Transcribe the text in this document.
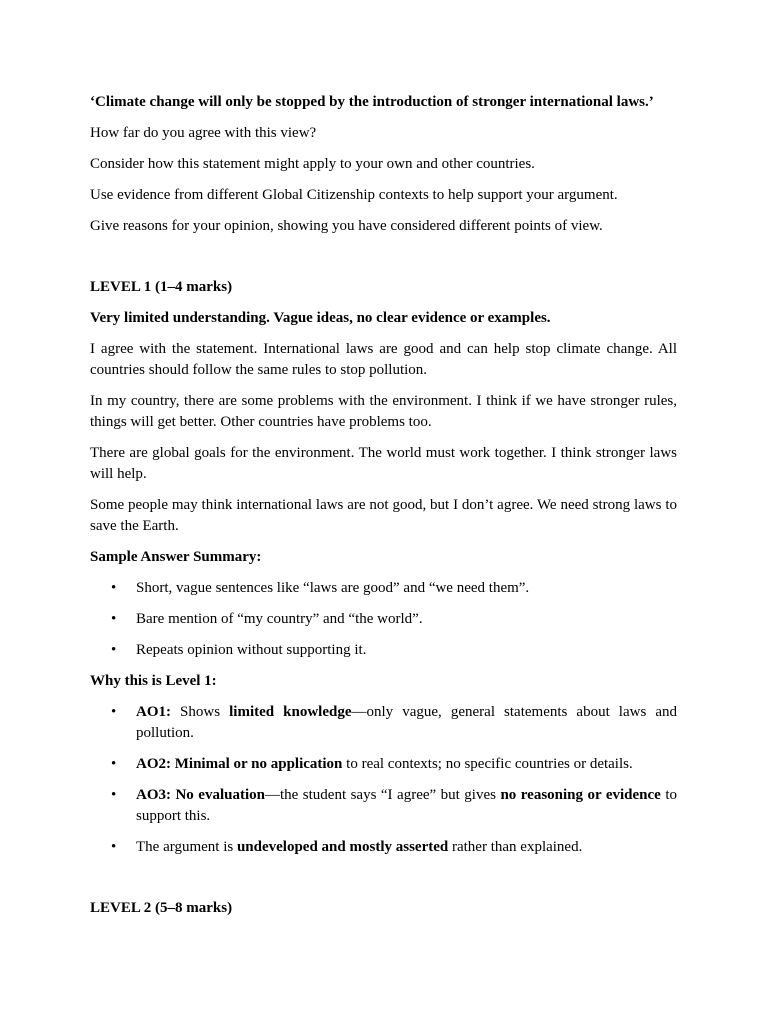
‘Climate change will only be stopped by the introduction of stronger international laws.’

How far do you agree with this view?

Consider how this statement might apply to your own and other countries.

Use evidence from different Global Citizenship contexts to help support your argument.

Give reasons for your opinion, showing you have considered different points of view.

LEVEL 1 (1–4 marks)

Very limited understanding. Vague ideas, no clear evidence or examples.

I agree with the statement. International laws are good and can help stop climate change. All countries should follow the same rules to stop pollution.

In my country, there are some problems with the environment. I think if we have stronger rules, things will get better. Other countries have problems too.

There are global goals for the environment. The world must work together. I think stronger laws will help.

Some people may think international laws are not good, but I don’t agree. We need strong laws to save the Earth.

Sample Answer Summary:

• Short, vague sentences like “laws are good” and “we need them”.
• Bare mention of “my country” and “the world”.
• Repeats opinion without supporting it.

Why this is Level 1:

• AO1: Shows limited knowledge—only vague, general statements about laws and pollution.
• AO2: Minimal or no application to real contexts; no specific countries or details.
• AO3: No evaluation—the student says “I agree” but gives no reasoning or evidence to support this.
• The argument is undeveloped and mostly asserted rather than explained.

LEVEL 2 (5–8 marks)
